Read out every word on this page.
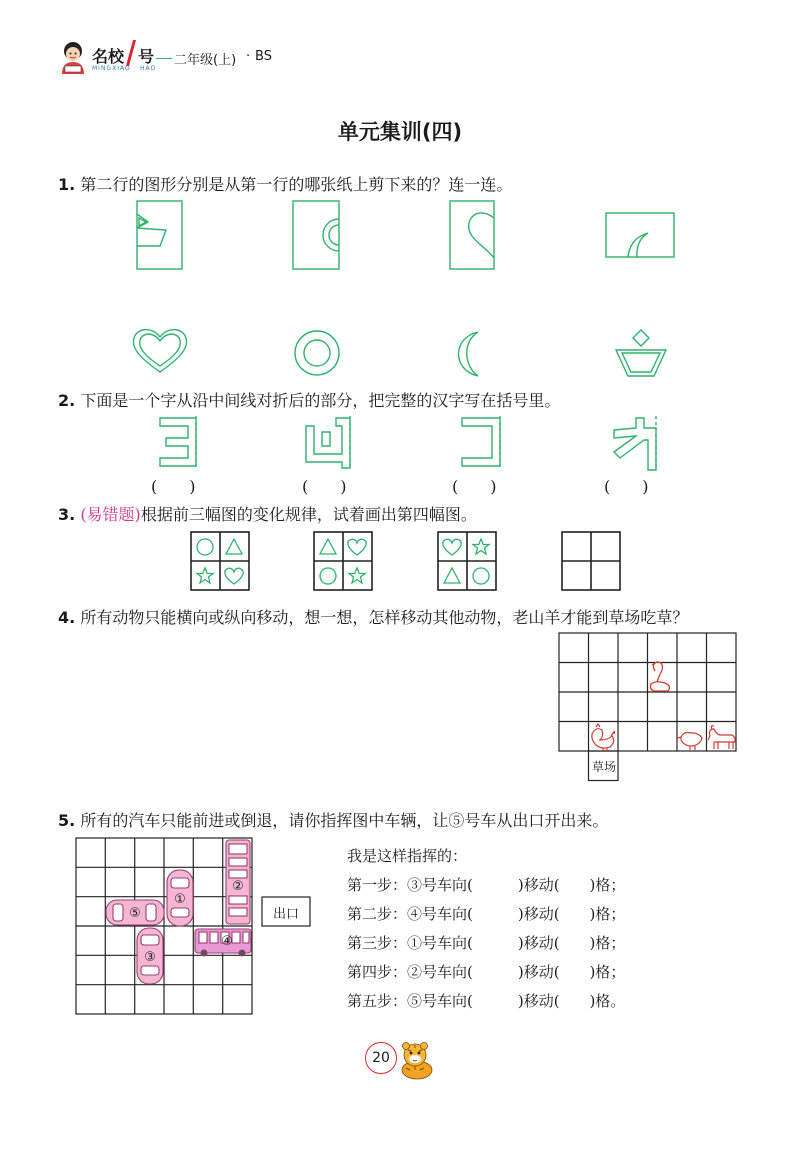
名校 号
MINGXIAO HAO
二年级(上) · BS
单元集训(四)
1. 第二行的图形分别是从第一行的哪张纸上剪下来的？连一连。
2. 下面是一个字从沿中间线对折后的部分，把完整的汉字写在括号里。
(　　)	(　　)	(　　)	(　　)
3. (易错题)根据前三幅图的变化规律，试着画出第四幅图。
4. 所有动物只能横向或纵向移动，想一想，怎样移动其他动物，老山羊才能到草场吃草？
草场
5. 所有的汽车只能前进或倒退，请你指挥图中车辆，让⑤号车从出口开出来。
①
②
③
④
⑤	出口
我是这样指挥的：
第一步：③号车向(　　　)移动(　　)格；
第二步：④号车向(　　　)移动(　　)格；
第三步：①号车向(　　　)移动(　　)格；
第四步：②号车向(　　　)移动(　　)格；
第五步：⑤号车向(　　　)移动(　　)格。
20
